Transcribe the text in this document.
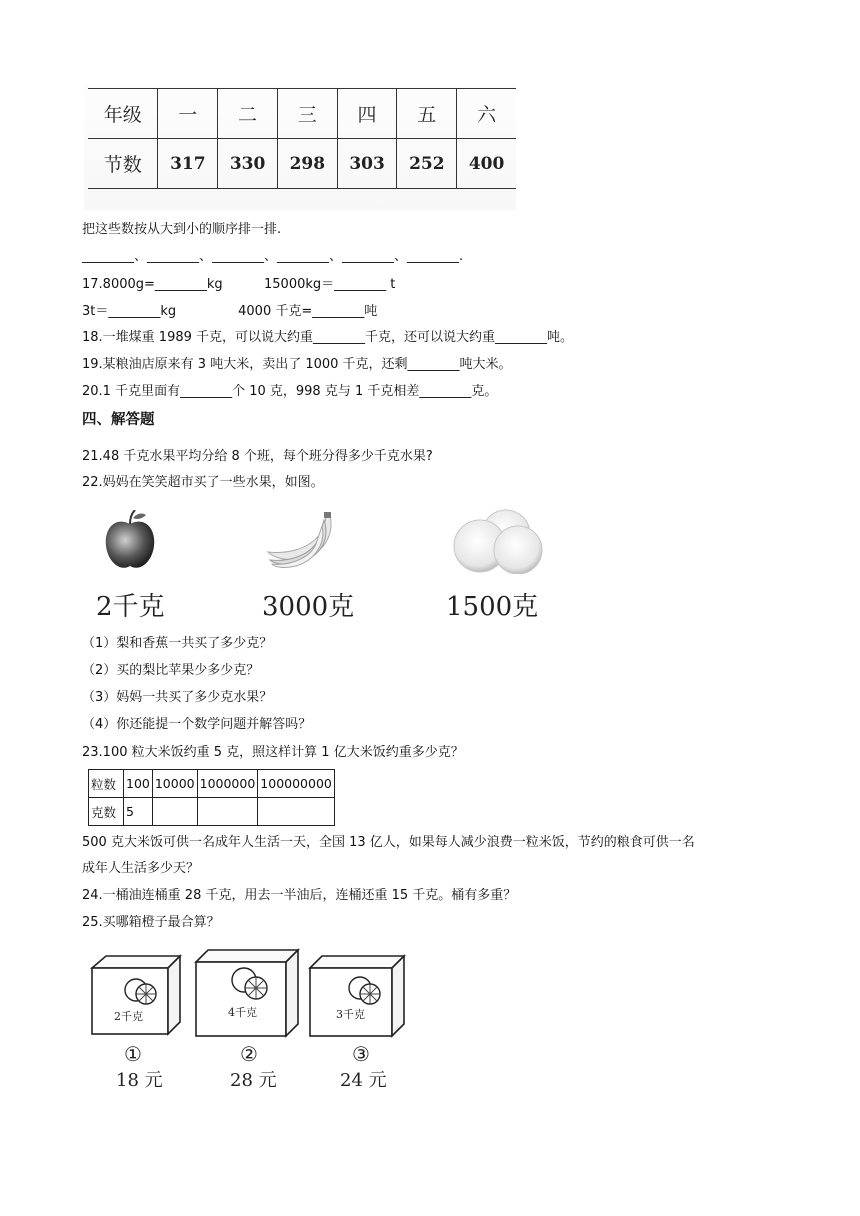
年级	一	二	三	四	五	六
节数	317	330	298	303	252	400
把这些数按从大到小的顺序排一排.
________、________、________、________、________、________.
17.8000g=________kg          15000kg＝________ t
3t＝________kg               4000 千克=________吨
18.一堆煤重 1989 千克，可以说大约重________千克，还可以说大约重________吨。
19.某粮油店原来有 3 吨大米，卖出了 1000 千克，还剩________吨大米。
20.1 千克里面有________个 10 克，998 克与 1 千克相差________克。
四、解答题
21.48 千克水果平均分给 8 个班，每个班分得多少千克水果?
22.妈妈在笑笑超市买了一些水果，如图。
2千克	3000克	1500克
（1）梨和香蕉一共买了多少克？
（2）买的梨比苹果少多少克？
（3）妈妈一共买了多少克水果？
（4）你还能提一个数学问题并解答吗？
23.100 粒大米饭约重 5 克，照这样计算 1 亿大米饭约重多少克？
粒数	100	10000	1000000	100000000
克数	5			
500 克大米饭可供一名成年人生活一天，全国 13 亿人，如果每人减少浪费一粒米饭，节约的粮食可供一名
成年人生活多少天？
24.一桶油连桶重 28 千克，用去一半油后，连桶还重 15 千克。桶有多重？
25.买哪箱橙子最合算？
2千克
①
18 元
4千克
②
28 元
3千克
③
24 元
